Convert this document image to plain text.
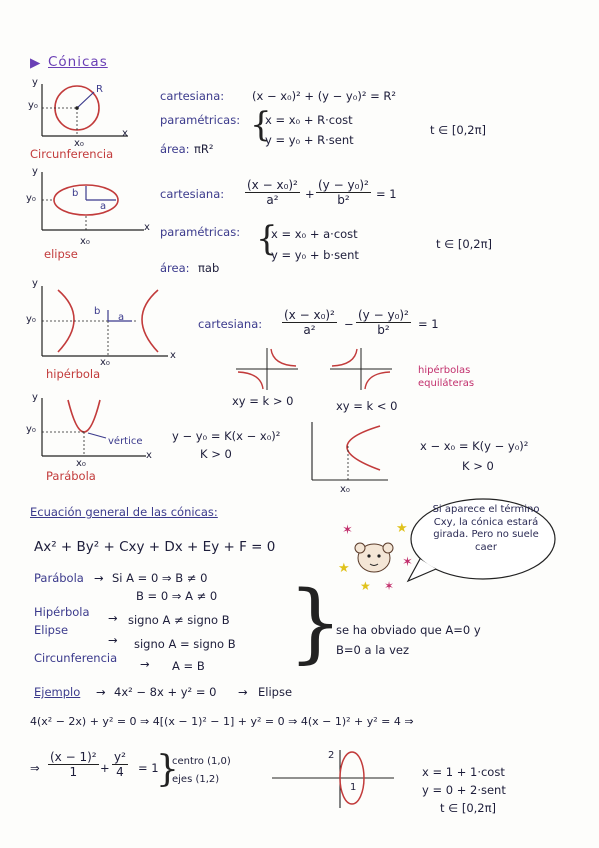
▶ Cónicas
y
x
y₀
x₀
R
Circunferencia
cartesiana: (x − x₀)² + (y − y₀)² = R²
paramétricas: {
x = x₀ + R·cost
y = y₀ + R·sent
t ∈ [0,2π]
área: πR²
y
x
y₀
x₀
b
a
elipse
cartesiana: $\frac{\text{(x − x₀)²}}{\text{a²}} + \frac{\text{(y − y₀)²}}{\text{b²}} = 1$
paramétricas: {
x = x₀ + a·cost
y = y₀ + b·sent
t ∈ [0,2π]
área: πab
y
x
y₀
x₀
b
a
hipérbola
cartesiana: $\frac{\text{(x − x₀)²}}{\text{a²}} - \frac{\text{(y − y₀)²}}{\text{b²}} = 1$
xy = k > 0	xy = k < 0
hipérbolas equiláteras
y
x
y₀
x₀
vértice
Parábola
y − y₀ = K(x − x₀)²
K > 0
x₀
x − x₀ = K(y − y₀)²
K > 0
Ecuación general de las cónicas:
Ax² + By² + Cxy + Dx + Ey + F = 0
Si aparece el término Cxy, la cónica estará girada. Pero no suele caer
✶	★
✶
★
★ ✶
Parábola → Si A = 0 ⇒ B ≠ 0
B = 0 ⇒ A ≠ 0
Hipérbola → signo A ≠ signo B
Elipse
→ signo A = signo B
Circunferencia → A = B }
se ha obviado que A=0 y
B=0 a la vez
Ejemplo → 4x² − 8x + y² = 0 → Elipse
4(x² − 2x) + y² = 0 ⇒ 4[(x − 1)² − 1] + y² = 0 ⇒ 4(x − 1)² + y² = 4 ⇒
⇒ $\frac{\text{(x − 1)²}}{1} + \frac{\text{y²}}{4} = 1$
}
centro (1,0)
ejes (1,2)
2
1
x = 1 + 1·cost
y = 0 + 2·sent
t ∈ [0,2π]
